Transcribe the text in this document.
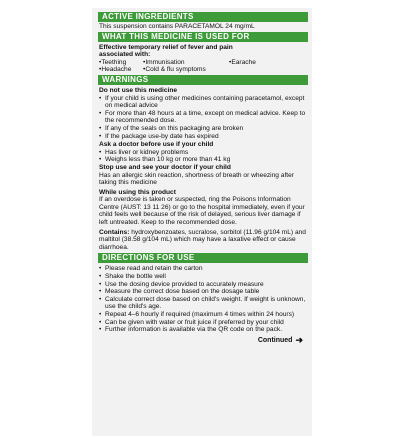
ACTIVE INGREDIENTS
This suspension contains PARACETAMOL 24 mg/mL
WHAT THIS MEDICINE IS USED FOR
Effective temporary relief of fever and pain associated with:
• Teething	• Immunisation	• Earache
• Headache	• Cold & flu symptoms
WARNINGS
Do not use this medicine
• If your child is using other medicines containing paracetamol, except on medical advice
• For more than 48 hours at a time, except on medical advice. Keep to the recommended dose.
• If any of the seals on this packaging are broken
• If the package use-by date has expired
Ask a doctor before use if your child
• Has liver or kidney problems
• Weighs less than 10 kg or more than 41 kg
Stop use and see your doctor if your child
Has an allergic skin reaction, shortness of breath or wheezing after taking this medicine
While using this product
If an overdose is taken or suspected, ring the Poisons Information Centre (AUST: 13 11 26) or go to the hospital immediately, even if your child feels well because of the risk of delayed, serious liver damage if left untreated. Keep to the recommended dose.
Contains: hydroxybenzoates, sucralose, sorbitol (11.96 g/104 mL) and maltitol (38.58 g/104 mL) which may have a laxative effect or cause diarrhoea.
DIRECTIONS FOR USE
• Please read and retain the carton
• Shake the bottle well
• Use the dosing device provided to accurately measure
• Measure the correct dose based on the dosage table
• Calculate correct dose based on child's weight. If weight is unknown, use the child's age.
• Repeat 4–6 hourly if required (maximum 4 times within 24 hours)
• Can be given with water or fruit juice if preferred by your child
• Further information is available via the QR code on the pack.
Continued ➜
